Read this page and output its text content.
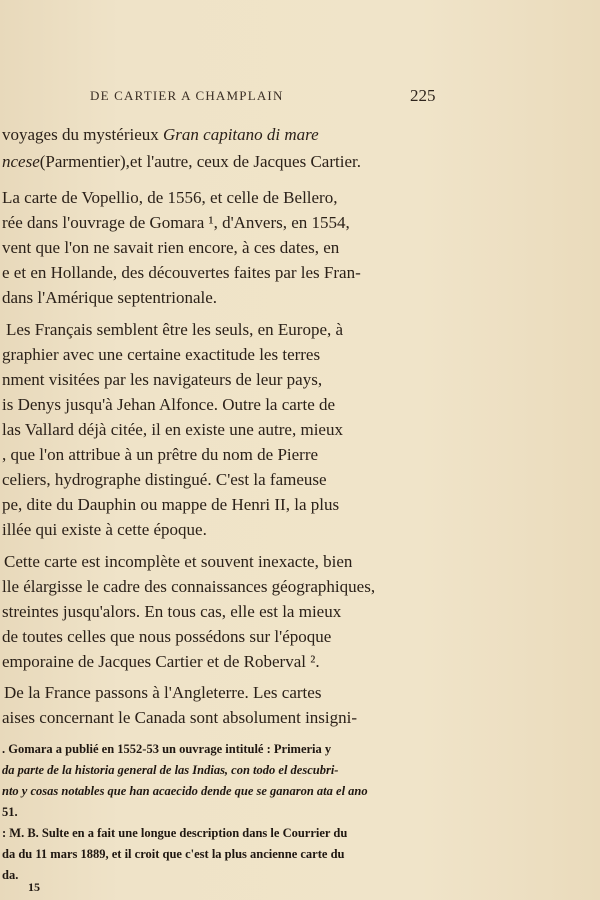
DE CARTIER A CHAMPLAIN	225
voyages du mystérieux Gran capitano di mare
ncese(Parmentier),et l'autre, ceux de Jacques Cartier.
La carte de Vopellio, de 1556, et celle de Bellero,
rée dans l'ouvrage de Gomara ¹, d'Anvers, en 1554,
vent que l'on ne savait rien encore, à ces dates, en
e et en Hollande, des découvertes faites par les Fran-
dans l'Amérique septentrionale.
Les Français semblent être les seuls, en Europe, à
graphier avec une certaine exactitude les terres
nment visitées par les navigateurs de leur pays,
is Denys jusqu'à Jehan Alfonce. Outre la carte de
las Vallard déjà citée, il en existe une autre, mieux
, que l'on attribue à un prêtre du nom de Pierre
celiers, hydrographe distingué. C'est la fameuse
pe, dite du Dauphin ou mappe de Henri II, la plus
illée qui existe à cette époque.
Cette carte est incomplète et souvent inexacte, bien
lle élargisse le cadre des connaissances géographiques,
streintes jusqu'alors. En tous cas, elle est la mieux
de toutes celles que nous possédons sur l'époque
emporaine de Jacques Cartier et de Roberval ².
De la France passons à l'Angleterre. Les cartes
aises concernant le Canada sont absolument insigni-
. Gomara a publié en 1552-53 un ouvrage intitulé : Primeria y
da parte de la historia general de las Indias, con todo el descubri-
nto y cosas notables que han acaecido dende que se ganaron ata el ano
51.
: M. B. Sulte en a fait une longue description dans le Courrier du
da du 11 mars 1889, et il croit que c'est la plus ancienne carte du
da.
15
